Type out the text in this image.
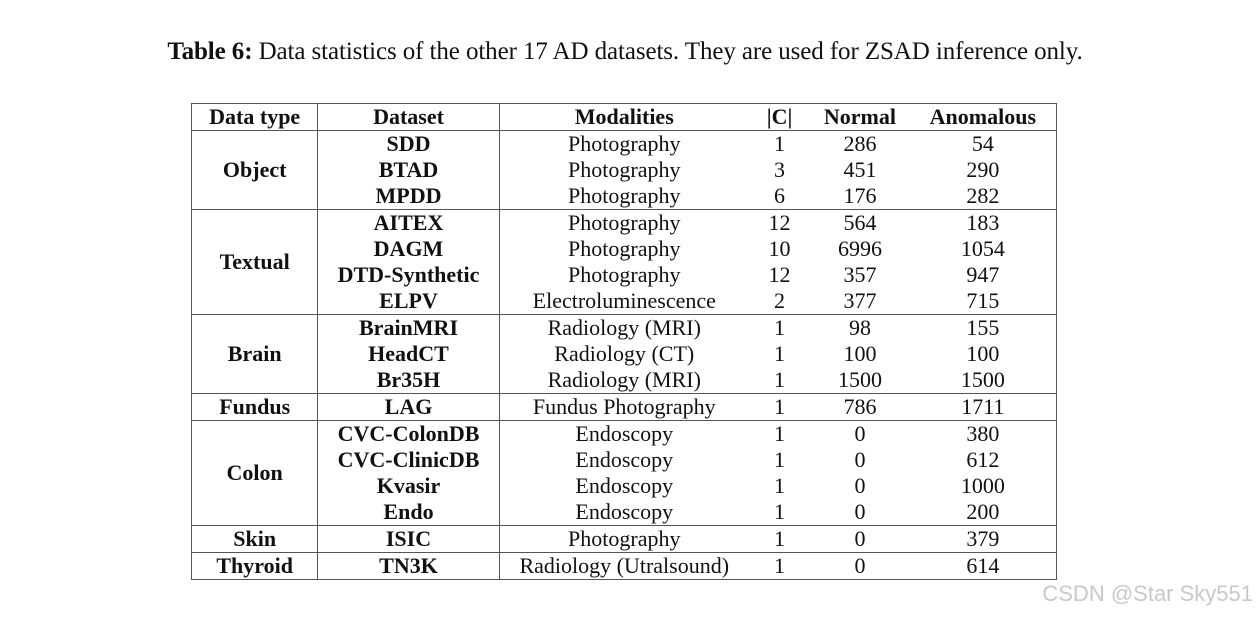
Table 6: Data statistics of the other 17 AD datasets. They are used for ZSAD inference only.
Data type	Dataset	Modalities	|C|	Normal	Anomalous
Object	SDD	Photography	1	286	54
	BTAD	Photography	3	451	290
	MPDD	Photography	6	176	282
Textual	AITEX	Photography	12	564	183
	DAGM	Photography	10	6996	1054
	DTD-Synthetic	Photography	12	357	947
	ELPV	Electroluminescence	2	377	715
Brain	BrainMRI	Radiology (MRI)	1	98	155
	HeadCT	Radiology (CT)	1	100	100
	Br35H	Radiology (MRI)	1	1500	1500
Fundus	LAG	Fundus Photography	1	786	1711
Colon	CVC-ColonDB	Endoscopy	1	0	380
	CVC-ClinicDB	Endoscopy	1	0	612
	Kvasir	Endoscopy	1	0	1000
	Endo	Endoscopy	1	0	200
Skin	ISIC	Photography	1	0	379
Thyroid	TN3K	Radiology (Utralsound)	1	0	614
CSDN @Star Sky551
